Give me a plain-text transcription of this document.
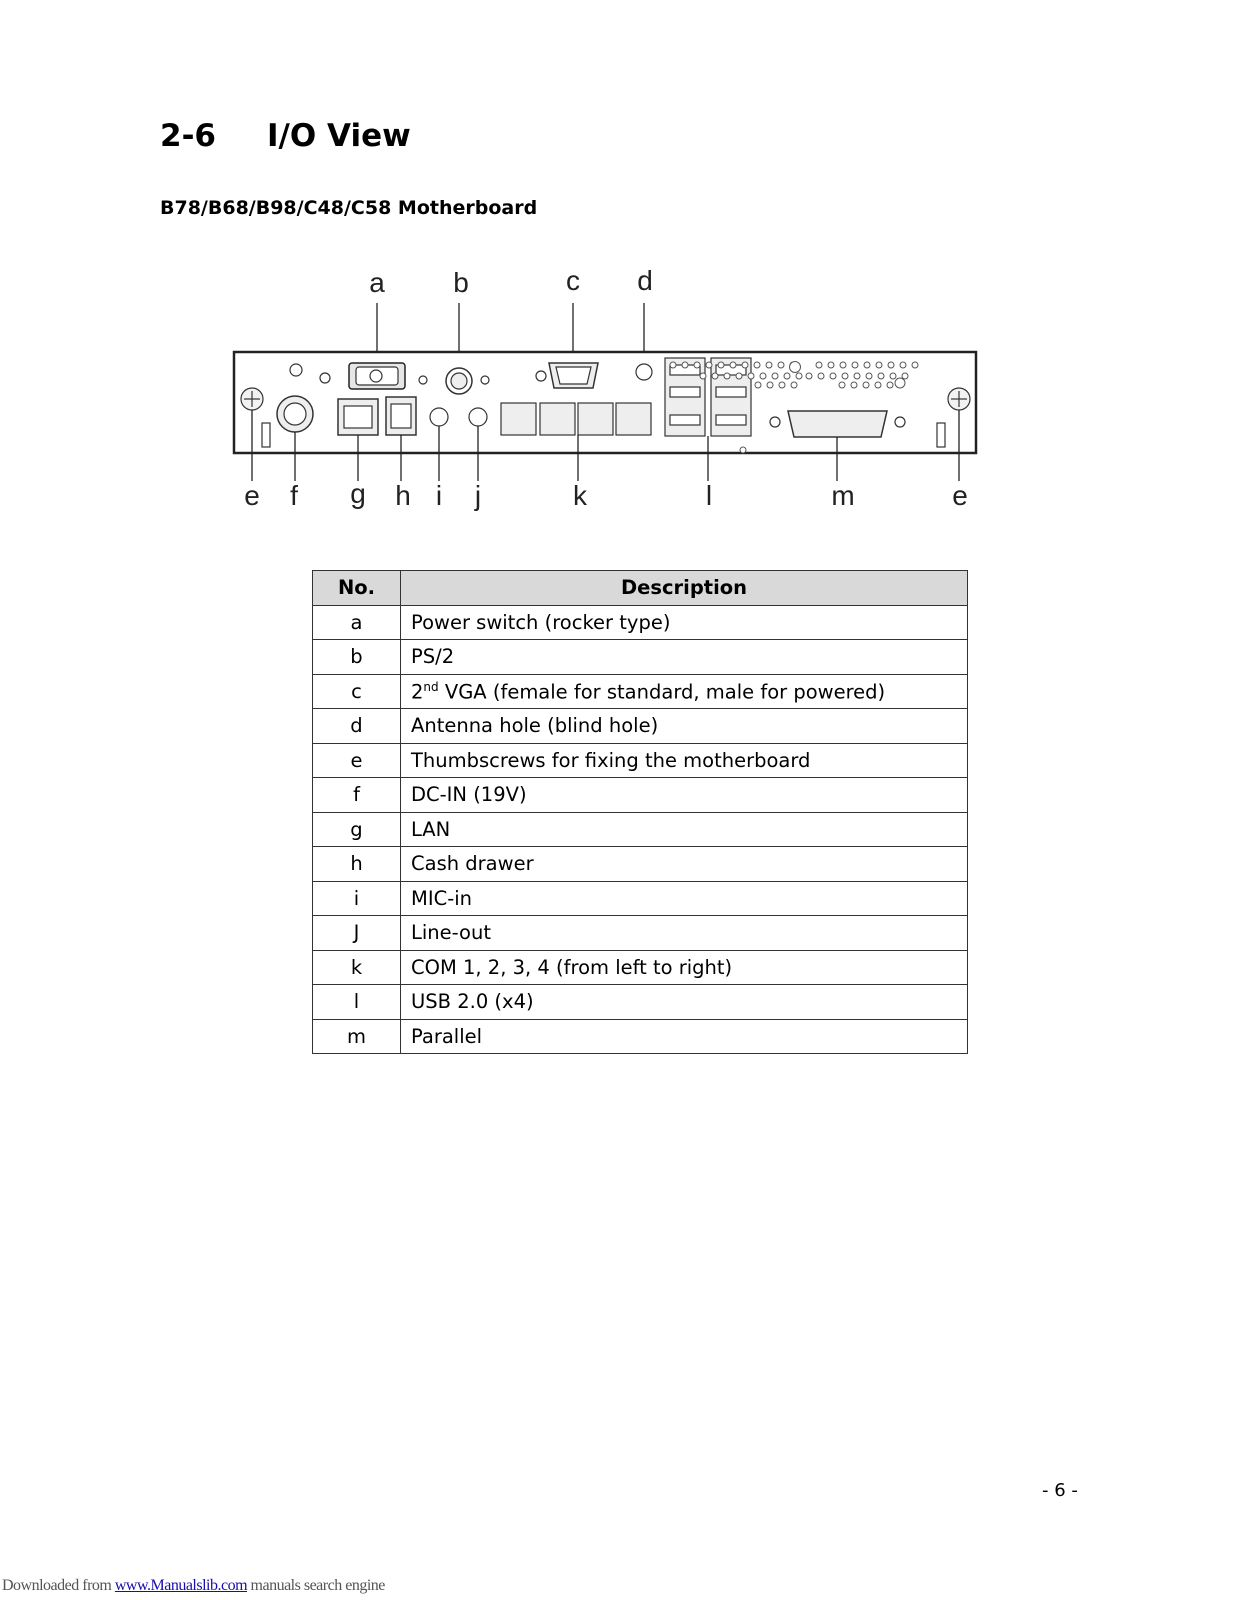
2-6 I/O View
B78/B68/B98/C48/C58 Motherboard
a b	c d
e f g h i j	k	l	m	e
No.	Description
a	Power switch (rocker type)
b	PS/2
c	2nd VGA (female for standard, male for powered)
d	Antenna hole (blind hole)
e	Thumbscrews for fixing the motherboard
f	DC-IN (19V)
g	LAN
h	Cash drawer
i	MIC-in
J	Line-out
k	COM 1, 2, 3, 4 (from left to right)
l	USB 2.0 (x4)
m	Parallel
- 6 -
Downloaded from www.Manualslib.com manuals search engine
